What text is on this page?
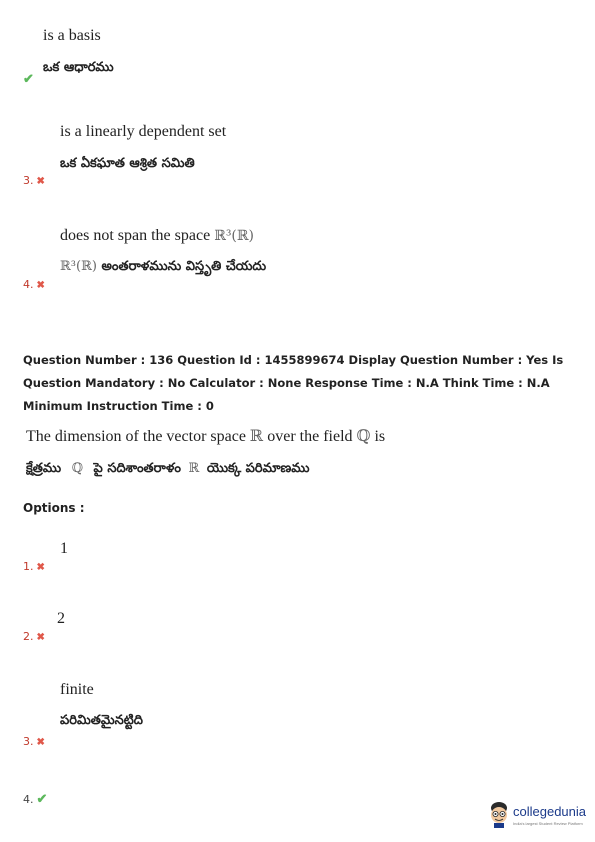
is a basis
ఒక ఆధారము
✔
is a linearly dependent set
ఒక ఏకఘాత ఆశ్రిత సమితి
3. ✖
does not span the space ℝ³(ℝ)
ℝ³(ℝ) అంతరాళమును విస్తృతి చేయదు
4. ✖
Question Number : 136 Question Id : 1455899674 Display Question Number : Yes Is Question Mandatory : No Calculator : None Response Time : N.A Think Time : N.A Minimum Instruction Time : 0
The dimension of the vector space ℝ over the field ℚ is
క్షేత్రము ℚ పై సదిశాంతరాళం ℝ యొక్క పరిమాణము
Options :
1
1. ✖
2
2. ✖
finite
పరిమితమైనట్టిది
3. ✖
4. ✔
collegedunia
India's largest Student Review Platform
